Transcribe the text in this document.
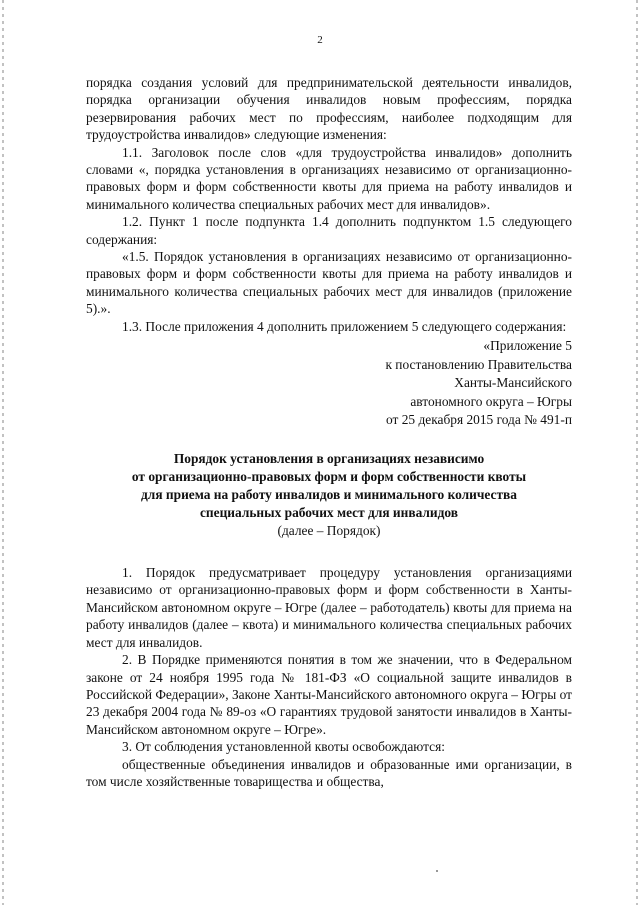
2

порядка создания условий для предпринимательской деятельности инвалидов, порядка организации обучения инвалидов новым профессиям, порядка резервирования рабочих мест по профессиям, наиболее подходящим для трудоустройства инвалидов» следующие изменения:

1.1. Заголовок после слов «для трудоустройства инвалидов» дополнить словами «, порядка установления в организациях независимо от организационно-правовых форм и форм собственности квоты для приема на работу инвалидов и минимального количества специальных рабочих мест для инвалидов».

1.2. Пункт 1 после подпункта 1.4 дополнить подпунктом 1.5 следующего содержания:

«1.5. Порядок установления в организациях независимо от организационно-правовых форм и форм собственности квоты для приема на работу инвалидов и минимального количества специальных рабочих мест для инвалидов (приложение 5).».

1.3. После приложения 4 дополнить приложением 5 следующего содержания:

«Приложение 5
к постановлению Правительства
Ханты-Мансийского
автономного округа – Югры
от 25 декабря 2015 года № 491-п

Порядок установления в организациях независимо
от организационно-правовых форм и форм собственности квоты
для приема на работу инвалидов и минимального количества
специальных рабочих мест для инвалидов

(далее – Порядок)

1. Порядок предусматривает процедуру установления организациями независимо от организационно-правовых форм и форм собственности в Ханты-Мансийском автономном округе – Югре (далее – работодатель) квоты для приема на работу инвалидов (далее – квота) и минимального количества специальных рабочих мест для инвалидов.

2. В Порядке применяются понятия в том же значении, что в Федеральном законе от 24 ноября 1995 года № 181-ФЗ «О социальной защите инвалидов в Российской Федерации», Законе Ханты-Мансийского автономного округа – Югры от 23 декабря 2004 года № 89-оз «О гарантиях трудовой занятости инвалидов в Ханты-Мансийском автономном округе – Югре».

3. От соблюдения установленной квоты освобождаются:

общественные объединения инвалидов и образованные ими организации, в том числе хозяйственные товарищества и общества,
